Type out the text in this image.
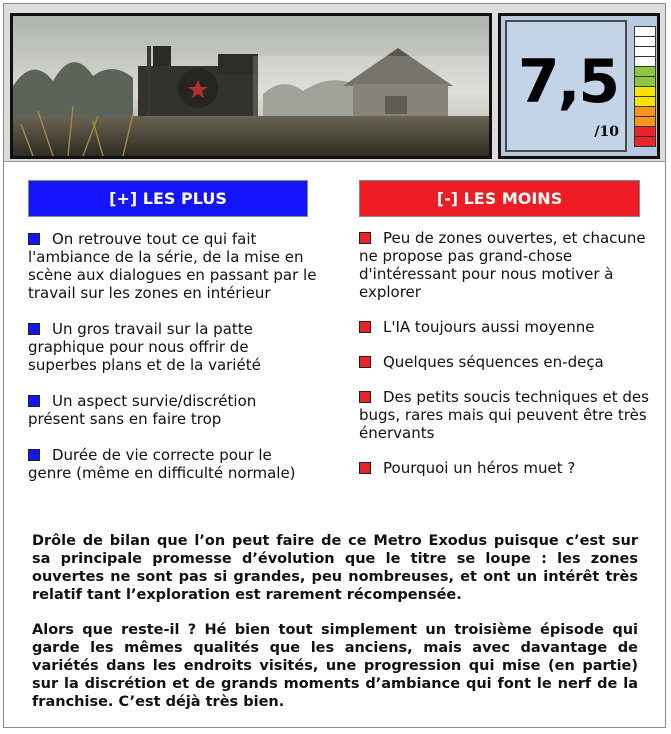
7,5
/10
[+] LES PLUS	[-] LES MOINS
On retrouve tout ce qui fait l'ambiance de la série, de la mise en scène aux dialogues en passant par le travail sur les zones en intérieur
Un gros travail sur la patte graphique pour nous offrir de superbes plans et de la variété
Un aspect survie/discrétion présent sans en faire trop
Durée de vie correcte pour le genre (même en difficulté normale)
Peu de zones ouvertes, et chacune ne propose pas grand-chose d'intéressant pour nous motiver à explorer
L'IA toujours aussi moyenne
Quelques séquences en-deça
Des petits soucis techniques et des bugs, rares mais qui peuvent être très énervants
Pourquoi un héros muet ?

Drôle de bilan que l’on peut faire de ce Metro Exodus puisque c’est sur sa principale promesse d’évolution que le titre se loupe : les zones ouvertes ne sont pas si grandes, peu nombreuses, et ont un intérêt très relatif tant l’exploration est rarement récompensée.

Alors que reste-il ? Hé bien tout simplement un troisième épisode qui garde les mêmes qualités que les anciens, mais avec davantage de variétés dans les endroits visités, une progression qui mise (en partie) sur la discrétion et de grands moments d’ambiance qui font le nerf de la franchise. C’est déjà très bien.
